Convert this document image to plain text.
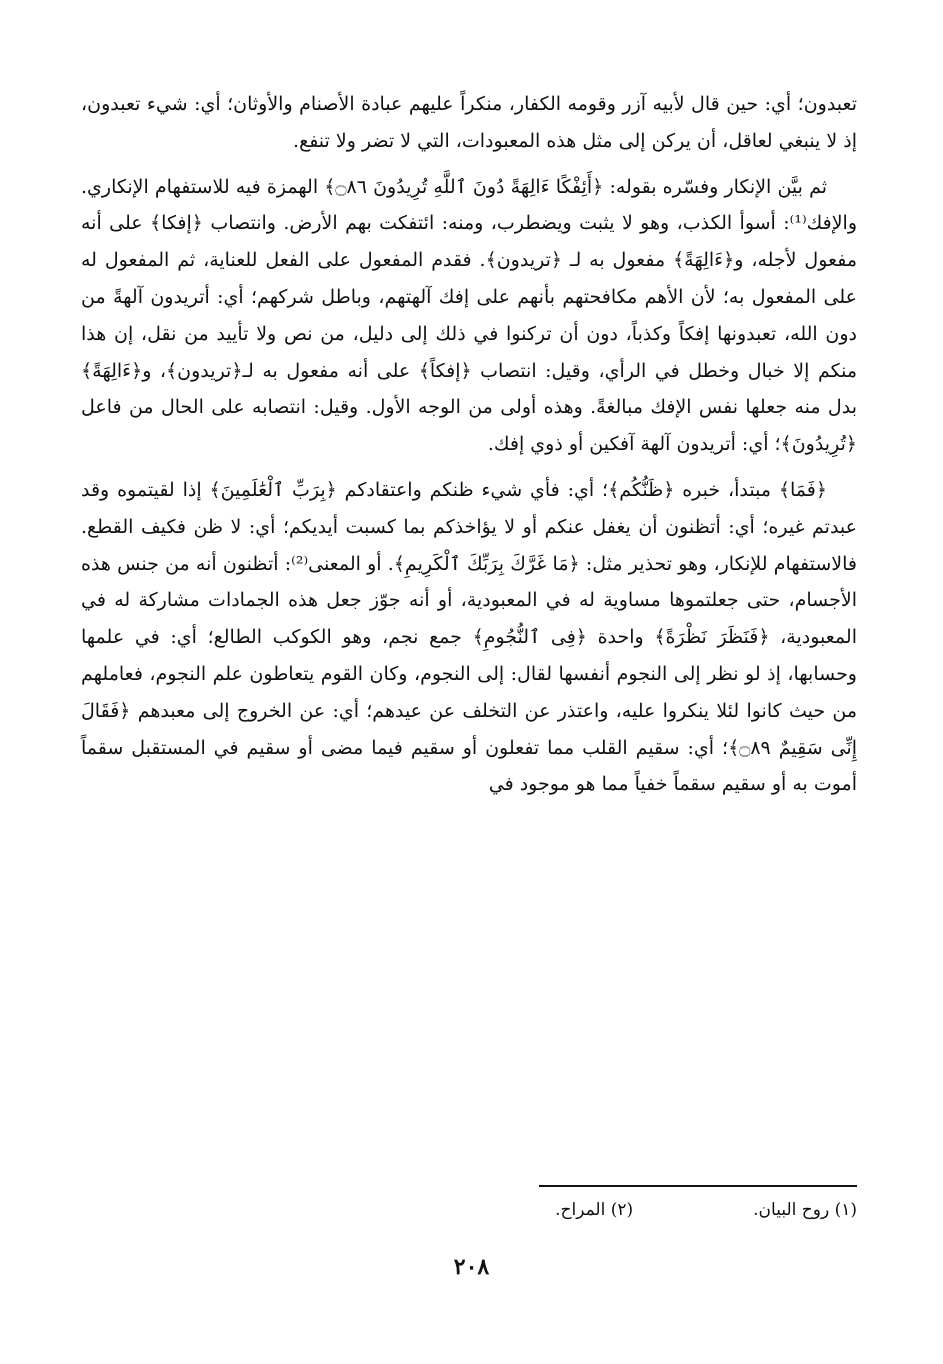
تعبدون؛ أي: حين قال لأبيه آزر وقومه الكفار، منكراً عليهم عبادة الأصنام والأوثان؛ أي: شيء تعبدون، إذ لا ينبغي لعاقل، أن يركن إلى مثل هذه المعبودات، التي لا تضر ولا تنفع.

ثم بيَّن الإنكار وفسّره بقوله: ﴿أَئِفْكًا ءَالِهَةً دُونَ ٱللَّهِ تُرِيدُونَ ۝٨٦﴾ الهمزة فيه للاستفهام الإنكاري. والإفك⁽¹⁾: أسوأ الكذب، وهو لا يثبت ويضطرب، ومنه: ائتفكت بهم الأرض. وانتصاب ﴿إفكا﴾ على أنه مفعول لأجله، و﴿ءَالِهَةً﴾ مفعول به لـ ﴿تريدون﴾. فقدم المفعول على الفعل للعناية، ثم المفعول له على المفعول به؛ لأن الأهم مكافحتهم بأنهم على إفك آلهتهم، وباطل شركهم؛ أي: أتريدون آلهةً من دون الله، تعبدونها إفكاً وكذباً، دون أن تركنوا في ذلك إلى دليل، من نص ولا تأييد من نقل، إن هذا منكم إلا خبال وخطل في الرأي، وقيل: انتصاب ﴿إفكاً﴾ على أنه مفعول به لـ﴿تريدون﴾، و﴿ءَالِهَةً﴾ بدل منه جعلها نفس الإفك مبالغةً. وهذه أولى من الوجه الأول. وقيل: انتصابه على الحال من فاعل ﴿تُرِيدُونَ﴾؛ أي: أتريدون آلهة آفكين أو ذوي إفك.

﴿فَمَا﴾ مبتدأ، خبره ﴿ظَنُّكُم﴾؛ أي: فأي شيء ظنكم واعتقادكم ﴿بِرَبِّ ٱلْعَٰلَمِينَ﴾ إذا لقيتموه وقد عبدتم غيره؛ أي: أتظنون أن يغفل عنكم أو لا يؤاخذكم بما كسبت أيديكم؛ أي: لا ظن فكيف القطع. فالاستفهام للإنكار، وهو تحذير مثل: ﴿مَا غَرَّكَ بِرَبِّكَ ٱلْكَرِيمِ﴾. أو المعنى⁽²⁾: أتظنون أنه من جنس هذه الأجسام، حتى جعلتموها مساوية له في المعبودية، أو أنه جوّز جعل هذه الجمادات مشاركة له في المعبودية، ﴿فَنَظَرَ نَظْرَةً﴾ واحدة ﴿فِى ٱلنُّجُومِ﴾ جمع نجم، وهو الكوكب الطالع؛ أي: في علمها وحسابها، إذ لو نظر إلى النجوم أنفسها لقال: إلى النجوم، وكان القوم يتعاطون علم النجوم، فعاملهم من حيث كانوا لئلا ينكروا عليه، واعتذر عن التخلف عن عيدهم؛ أي: عن الخروج إلى معبدهم ﴿فَقَالَ إِنِّى سَقِيمٌ ۝٨٩﴾؛ أي: سقيم القلب مما تفعلون أو سقيم فيما مضى أو سقيم في المستقبل سقماً أموت به أو سقيم سقماً خفياً مما هو موجود في

(١) روح البيان.
(٢) المراح.
٢٠٨
